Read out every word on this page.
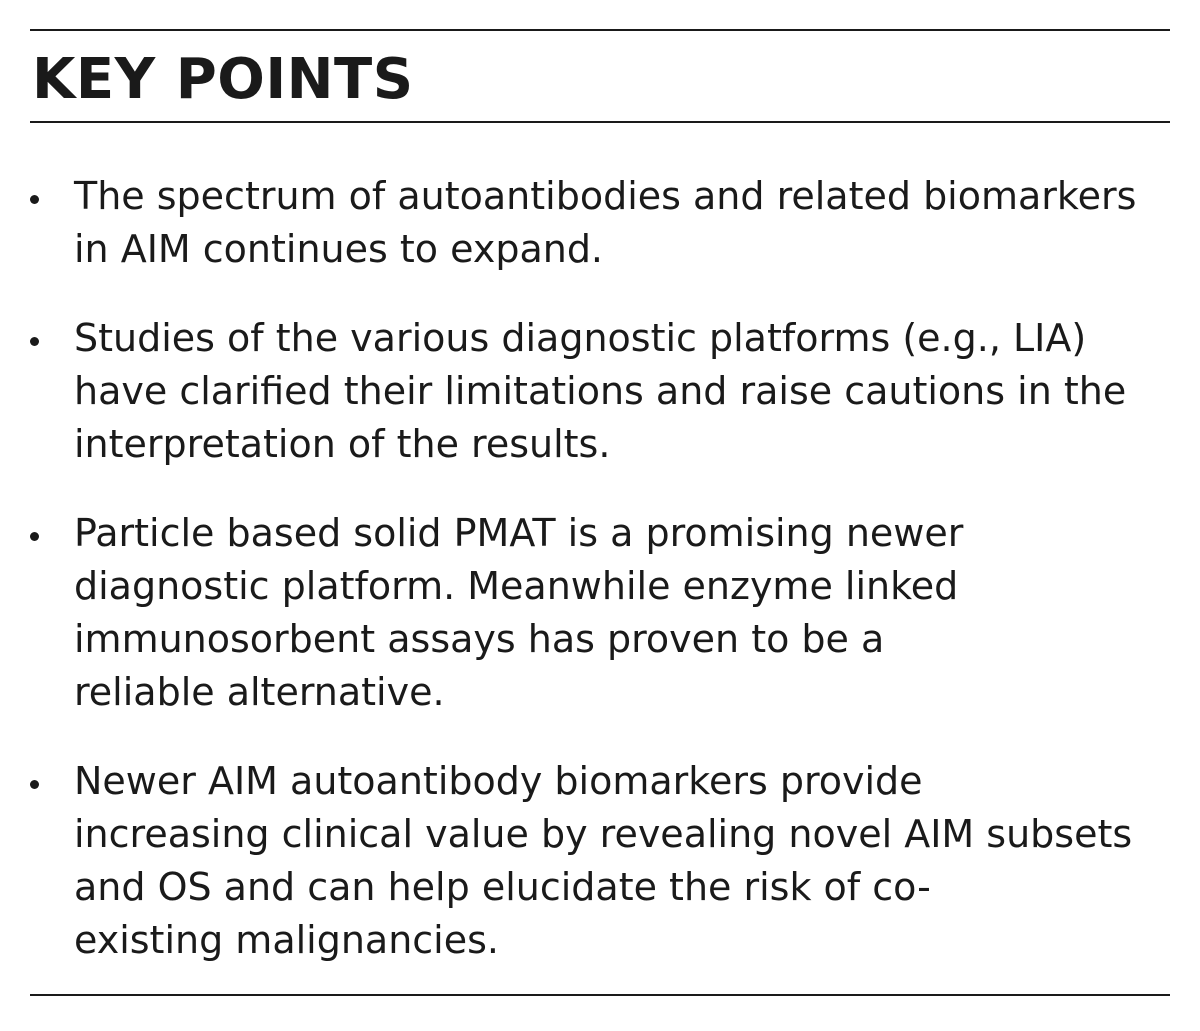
KEY POINTS
The spectrum of autoantibodies and related biomarkers
in AIM continues to expand.
Studies of the various diagnostic platforms (e.g., LIA)
have clarified their limitations and raise cautions in the
interpretation of the results.
Particle based solid PMAT is a promising newer
diagnostic platform. Meanwhile enzyme linked
immunosorbent assays has proven to be a
reliable alternative.
Newer AIM autoantibody biomarkers provide
increasing clinical value by revealing novel AIM subsets
and OS and can help elucidate the risk of co-
existing malignancies.
